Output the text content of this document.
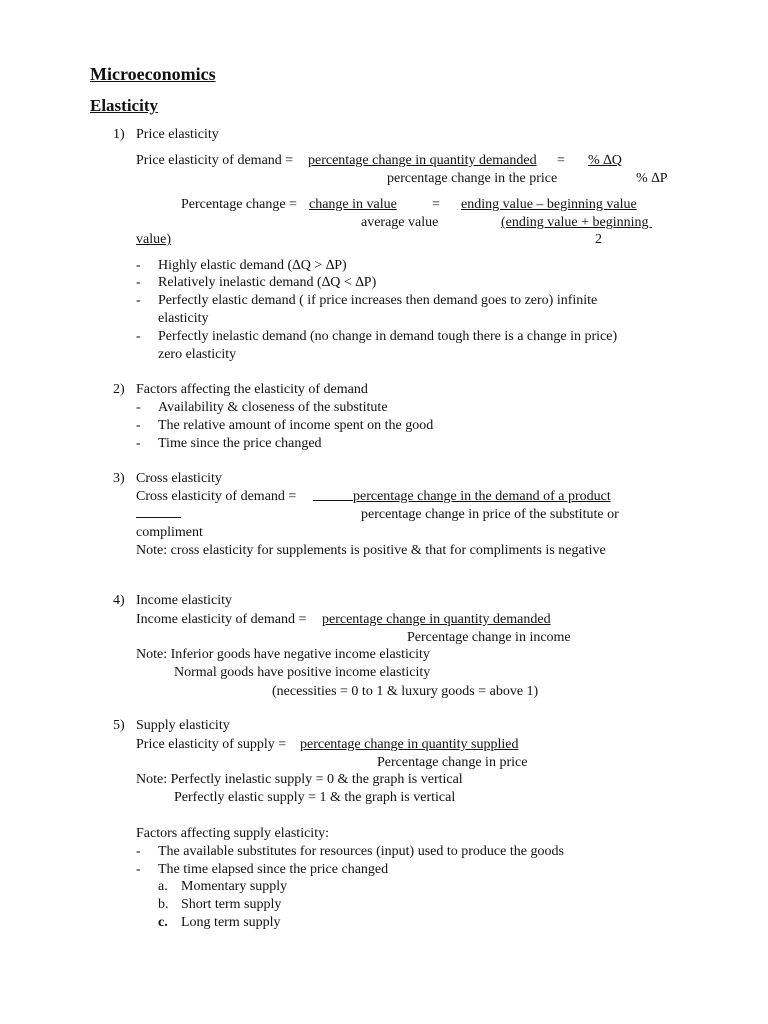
Microeconomics
Elasticity
1) Price elasticity
Price elasticity of demand = percentage change in quantity demanded = % ∆Q
percentage change in the price	% ∆P
Percentage change = change in value	= ending value – beginning value
average value	(ending value + beginning
value)	2
- Highly elastic demand (∆Q > ∆P)
- Relatively inelastic demand (∆Q < ∆P)
- Perfectly elastic demand ( if price increases then demand goes to zero) infinite
elasticity
- Perfectly inelastic demand (no change in demand tough there is a change in price)
zero elasticity
2) Factors affecting the elasticity of demand
- Availability & closeness of the substitute
- The relative amount of income spent on the good
- Time since the price changed
3) Cross elasticity
Cross elasticity of demand =	percentage change in the demand of a product
percentage change in price of the substitute or
compliment
Note: cross elasticity for supplements is positive & that for compliments is negative
4) Income elasticity
Income elasticity of demand = percentage change in quantity demanded
Percentage change in income
Note: Inferior goods have negative income elasticity
Normal goods have positive income elasticity
(necessities = 0 to 1 & luxury goods = above 1)
5) Supply elasticity
Price elasticity of supply = percentage change in quantity supplied
Percentage change in price
Note: Perfectly inelastic supply = 0 & the graph is vertical
Perfectly elastic supply = 1 & the graph is vertical
Factors affecting supply elasticity:
- The available substitutes for resources (input) used to produce the goods
- The time elapsed since the price changed
a. Momentary supply
b. Short term supply
c. Long term supply
